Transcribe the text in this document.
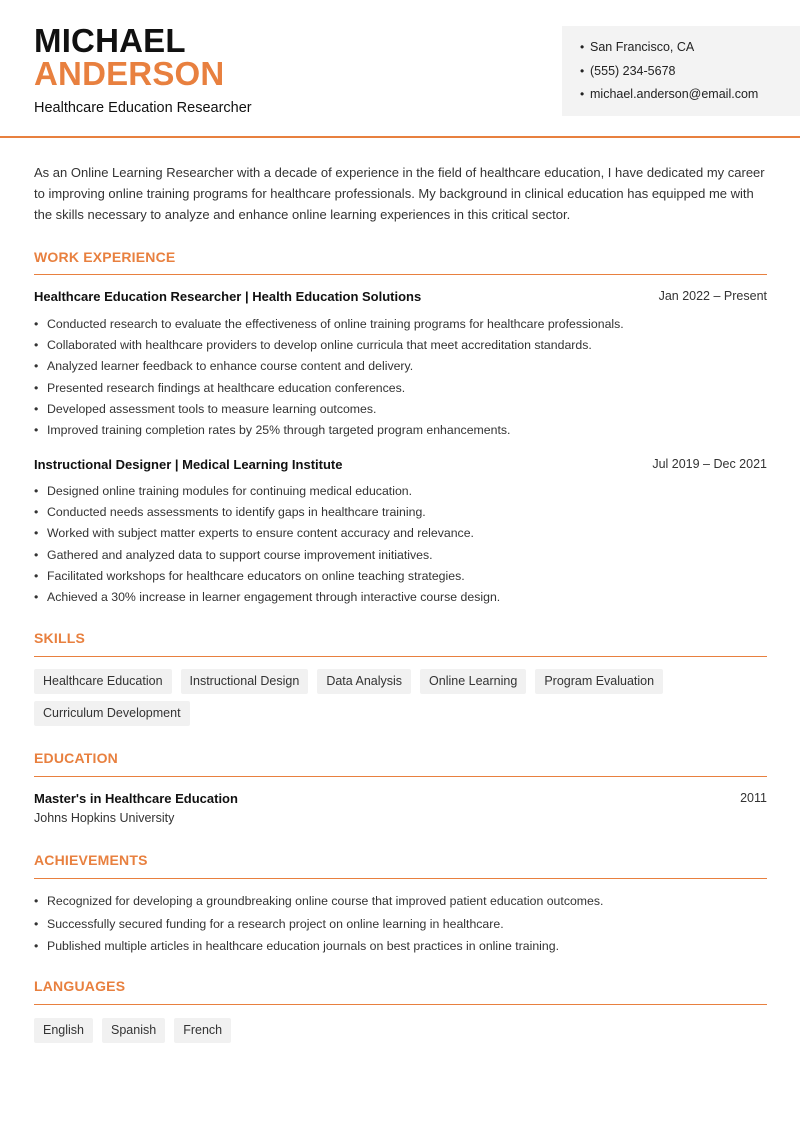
MICHAEL
ANDERSON
Healthcare Education Researcher
• San Francisco, CA
• (555) 234-5678
• michael.anderson@email.com

As an Online Learning Researcher with a decade of experience in the field of healthcare education, I have dedicated my career to improving online training programs for healthcare professionals. My background in clinical education has equipped me with the skills necessary to analyze and enhance online learning experiences in this critical sector.

WORK EXPERIENCE
Healthcare Education Researcher | Health Education Solutions	Jan 2022 – Present
• Conducted research to evaluate the effectiveness of online training programs for healthcare professionals.
• Collaborated with healthcare providers to develop online curricula that meet accreditation standards.
• Analyzed learner feedback to enhance course content and delivery.
• Presented research findings at healthcare education conferences.
• Developed assessment tools to measure learning outcomes.
• Improved training completion rates by 25% through targeted program enhancements.
Instructional Designer | Medical Learning Institute	Jul 2019 – Dec 2021
• Designed online training modules for continuing medical education.
• Conducted needs assessments to identify gaps in healthcare training.
• Worked with subject matter experts to ensure content accuracy and relevance.
• Gathered and analyzed data to support course improvement initiatives.
• Facilitated workshops for healthcare educators on online teaching strategies.
• Achieved a 30% increase in learner engagement through interactive course design.
SKILLS
Healthcare Education	Instructional Design	Data Analysis	Online Learning	Program Evaluation
Curriculum Development
EDUCATION
Master's in Healthcare Education	2011
Johns Hopkins University
ACHIEVEMENTS
• Recognized for developing a groundbreaking online course that improved patient education outcomes.
• Successfully secured funding for a research project on online learning in healthcare.
• Published multiple articles in healthcare education journals on best practices in online training.
LANGUAGES
English	Spanish	French
